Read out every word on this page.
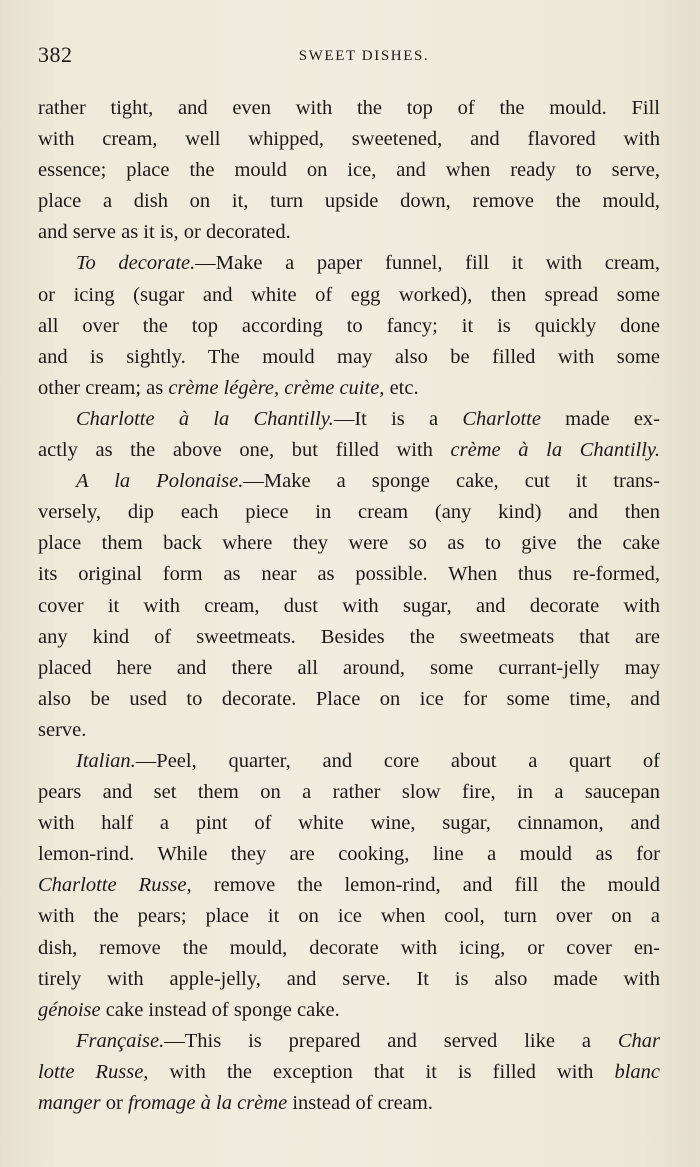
382	SWEET DISHES.
rather tight, and even with the top of the mould. Fill
with cream, well whipped, sweetened, and flavored with
essence; place the mould on ice, and when ready to serve,
place a dish on it, turn upside down, remove the mould,
and serve as it is, or decorated.
To decorate.—Make a paper funnel, fill it with cream,
or icing (sugar and white of egg worked), then spread some
all over the top according to fancy; it is quickly done
and is sightly. The mould may also be filled with some
other cream; as crème légère, crème cuite, etc.
Charlotte à la Chantilly.—It is a Charlotte made ex-
actly as the above one, but filled with crème à la Chantilly.
A la Polonaise.—Make a sponge cake, cut it trans-
versely, dip each piece in cream (any kind) and then
place them back where they were so as to give the cake
its original form as near as possible. When thus re-formed,
cover it with cream, dust with sugar, and decorate with
any kind of sweetmeats. Besides the sweetmeats that are
placed here and there all around, some currant-jelly may
also be used to decorate. Place on ice for some time, and
serve.
Italian.—Peel, quarter, and core about a quart of
pears and set them on a rather slow fire, in a saucepan
with half a pint of white wine, sugar, cinnamon, and
lemon-rind. While they are cooking, line a mould as for
Charlotte Russe, remove the lemon-rind, and fill the mould
with the pears; place it on ice when cool, turn over on a
dish, remove the mould, decorate with icing, or cover en-
tirely with apple-jelly, and serve. It is also made with
génoise cake instead of sponge cake.
Française.—This is prepared and served like a Char
lotte Russe, with the exception that it is filled with blanc
manger or fromage à la crème instead of cream.
